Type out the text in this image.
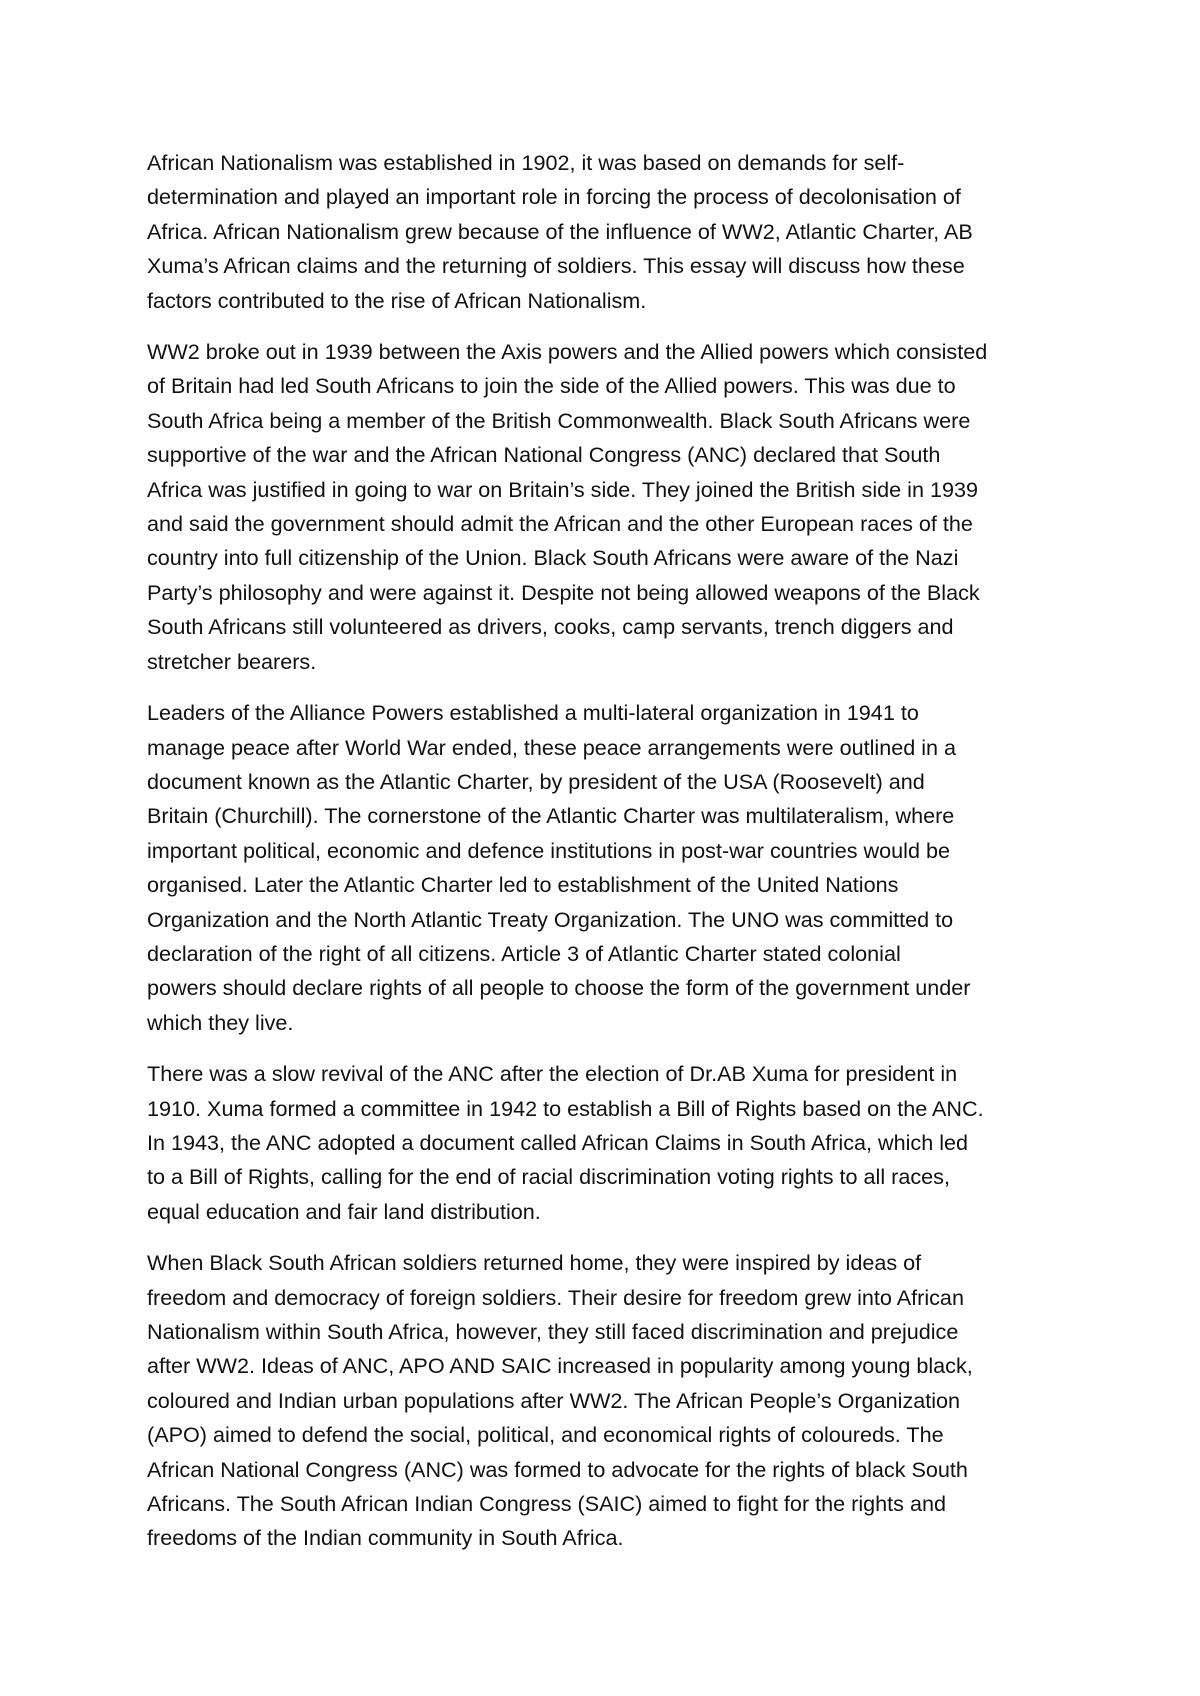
African Nationalism was established in 1902, it was based on demands for self-
determination and played an important role in forcing the process of decolonisation of
Africa. African Nationalism grew because of the influence of WW2, Atlantic Charter, AB
Xuma’s African claims and the returning of soldiers. This essay will discuss how these
factors contributed to the rise of African Nationalism.

WW2 broke out in 1939 between the Axis powers and the Allied powers which consisted
of Britain had led South Africans to join the side of the Allied powers. This was due to
South Africa being a member of the British Commonwealth. Black South Africans were
supportive of the war and the African National Congress (ANC) declared that South
Africa was justified in going to war on Britain’s side. They joined the British side in 1939
and said the government should admit the African and the other European races of the
country into full citizenship of the Union. Black South Africans were aware of the Nazi
Party’s philosophy and were against it. Despite not being allowed weapons of the Black
South Africans still volunteered as drivers, cooks, camp servants, trench diggers and
stretcher bearers.

Leaders of the Alliance Powers established a multi-lateral organization in 1941 to
manage peace after World War ended, these peace arrangements were outlined in a
document known as the Atlantic Charter, by president of the USA (Roosevelt) and
Britain (Churchill). The cornerstone of the Atlantic Charter was multilateralism, where
important political, economic and defence institutions in post-war countries would be
organised. Later the Atlantic Charter led to establishment of the United Nations
Organization and the North Atlantic Treaty Organization. The UNO was committed to
declaration of the right of all citizens. Article 3 of Atlantic Charter stated colonial
powers should declare rights of all people to choose the form of the government under
which they live.

There was a slow revival of the ANC after the election of Dr.AB Xuma for president in
1910. Xuma formed a committee in 1942 to establish a Bill of Rights based on the ANC.
In 1943, the ANC adopted a document called African Claims in South Africa, which led
to a Bill of Rights, calling for the end of racial discrimination voting rights to all races,
equal education and fair land distribution.

When Black South African soldiers returned home, they were inspired by ideas of
freedom and democracy of foreign soldiers. Their desire for freedom grew into African
Nationalism within South Africa, however, they still faced discrimination and prejudice
after WW2. Ideas of ANC, APO AND SAIC increased in popularity among young black,
coloured and Indian urban populations after WW2. The African People’s Organization
(APO) aimed to defend the social, political, and economical rights of coloureds. The
African National Congress (ANC) was formed to advocate for the rights of black South
Africans. The South African Indian Congress (SAIC) aimed to fight for the rights and
freedoms of the Indian community in South Africa.
